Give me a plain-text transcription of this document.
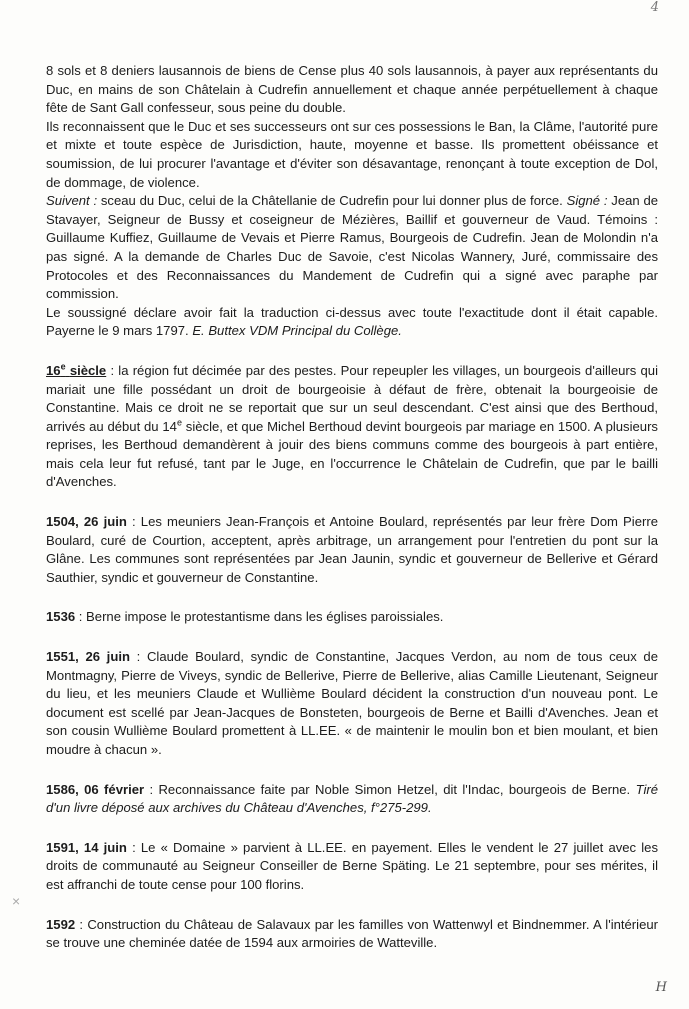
4
×

8 sols et 8 deniers lausannois de biens de Cense plus 40 sols lausannois, à payer aux représentants du Duc, en mains de son Châtelain à Cudrefin annuellement et chaque année perpétuellement à chaque fête de Sant Gall confesseur, sous peine du double.

Ils reconnaissent que le Duc et ses successeurs ont sur ces possessions le Ban, la Clâme, l'autorité pure et mixte et toute espèce de Jurisdiction, haute, moyenne et basse. Ils promettent obéissance et soumission, de lui procurer l'avantage et d'éviter son désavantage, renonçant à toute exception de Dol, de dommage, de violence.

Suivent : sceau du Duc, celui de la Châtellanie de Cudrefin pour lui donner plus de force. Signé : Jean de Stavayer, Seigneur de Bussy et coseigneur de Mézières, Baillif et gouverneur de Vaud. Témoins : Guillaume Kuffiez, Guillaume de Vevais et Pierre Ramus, Bourgeois de Cudrefin. Jean de Molondin n'a pas signé. A la demande de Charles Duc de Savoie, c'est Nicolas Wannery, Juré, commissaire des Protocoles et des Reconnaissances du Mandement de Cudrefin qui a signé avec paraphe par commission.

Le soussigné déclare avoir fait la traduction ci-dessus avec toute l'exactitude dont il était capable. Payerne le 9 mars 1797. E. Buttex VDM Principal du Collège.

16e siècle : la région fut décimée par des pestes. Pour repeupler les villages, un bourgeois d'ailleurs qui mariait une fille possédant un droit de bourgeoisie à défaut de frère, obtenait la bourgeoisie de Constantine. Mais ce droit ne se reportait que sur un seul descendant. C'est ainsi que des Berthoud, arrivés au début du 14e siècle, et que Michel Berthoud devint bourgeois par mariage en 1500. A plusieurs reprises, les Berthoud demandèrent à jouir des biens communs comme des bourgeois à part entière, mais cela leur fut refusé, tant par le Juge, en l'occurrence le Châtelain de Cudrefin, que par le bailli d'Avenches.

1504, 26 juin : Les meuniers Jean-François et Antoine Boulard, représentés par leur frère Dom Pierre Boulard, curé de Courtion, acceptent, après arbitrage, un arrangement pour l'entretien du pont sur la Glâne. Les communes sont représentées par Jean Jaunin, syndic et gouverneur de Bellerive et Gérard Sauthier, syndic et gouverneur de Constantine.

1536 : Berne impose le protestantisme dans les églises paroissiales.

1551, 26 juin : Claude Boulard, syndic de Constantine, Jacques Verdon, au nom de tous ceux de Montmagny, Pierre de Viveys, syndic de Bellerive, Pierre de Bellerive, alias Camille Lieutenant, Seigneur du lieu, et les meuniers Claude et Wullième Boulard décident la construction d'un nouveau pont. Le document est scellé par Jean-Jacques de Bonsteten, bourgeois de Berne et Bailli d'Avenches. Jean et son cousin Wullième Boulard promettent à LL.EE. « de maintenir le moulin bon et bien moulant, et bien moudre à chacun ».

1586, 06 février : Reconnaissance faite par Noble Simon Hetzel, dit l'Indac, bourgeois de Berne. Tiré d'un livre déposé aux archives du Château d'Avenches, f°275-299.

1591, 14 juin : Le « Domaine » parvient à LL.EE. en payement. Elles le vendent le 27 juillet avec les droits de communauté au Seigneur Conseiller de Berne Späting. Le 21 septembre, pour ses mérites, il est affranchi de toute cense pour 100 florins.

1592 : Construction du Château de Salavaux par les familles von Wattenwyl et Bindnemmer. A l'intérieur se trouve une cheminée datée de 1594 aux armoiries de Watteville.

H
